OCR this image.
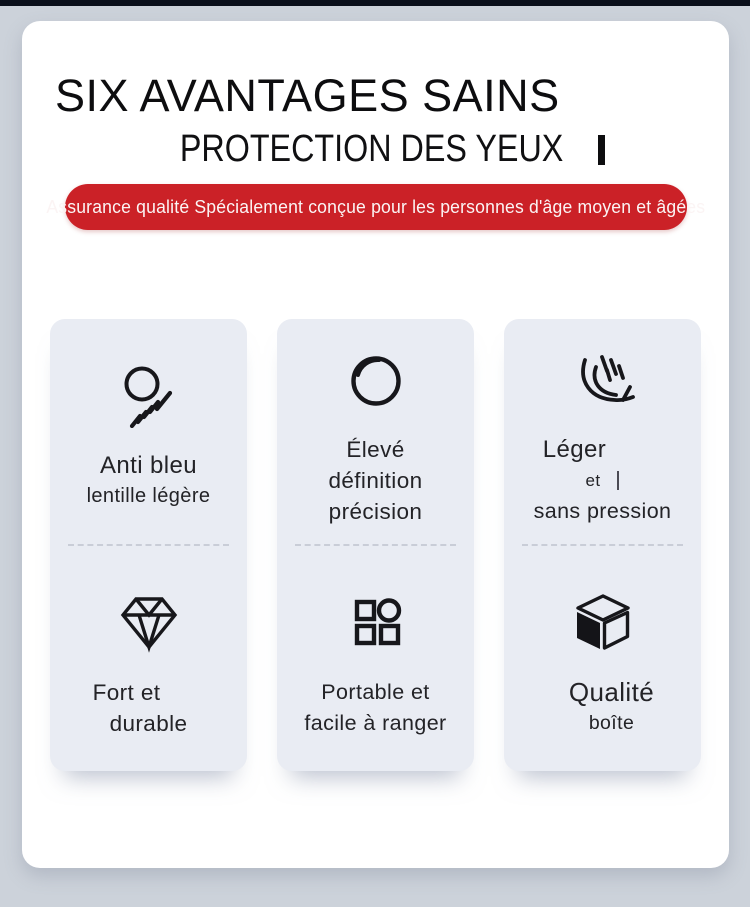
SIX AVANTAGES SAINS
PROTECTION DES YEUX
Assurance qualité Spécialement conçue pour les personnes d'âge moyen et âgées
Anti bleu
lentille légère
Fort et
durable
Élevé
définition
précision
Portable et
facile à ranger
Léger
et
sans pression
Qualité
boîte
